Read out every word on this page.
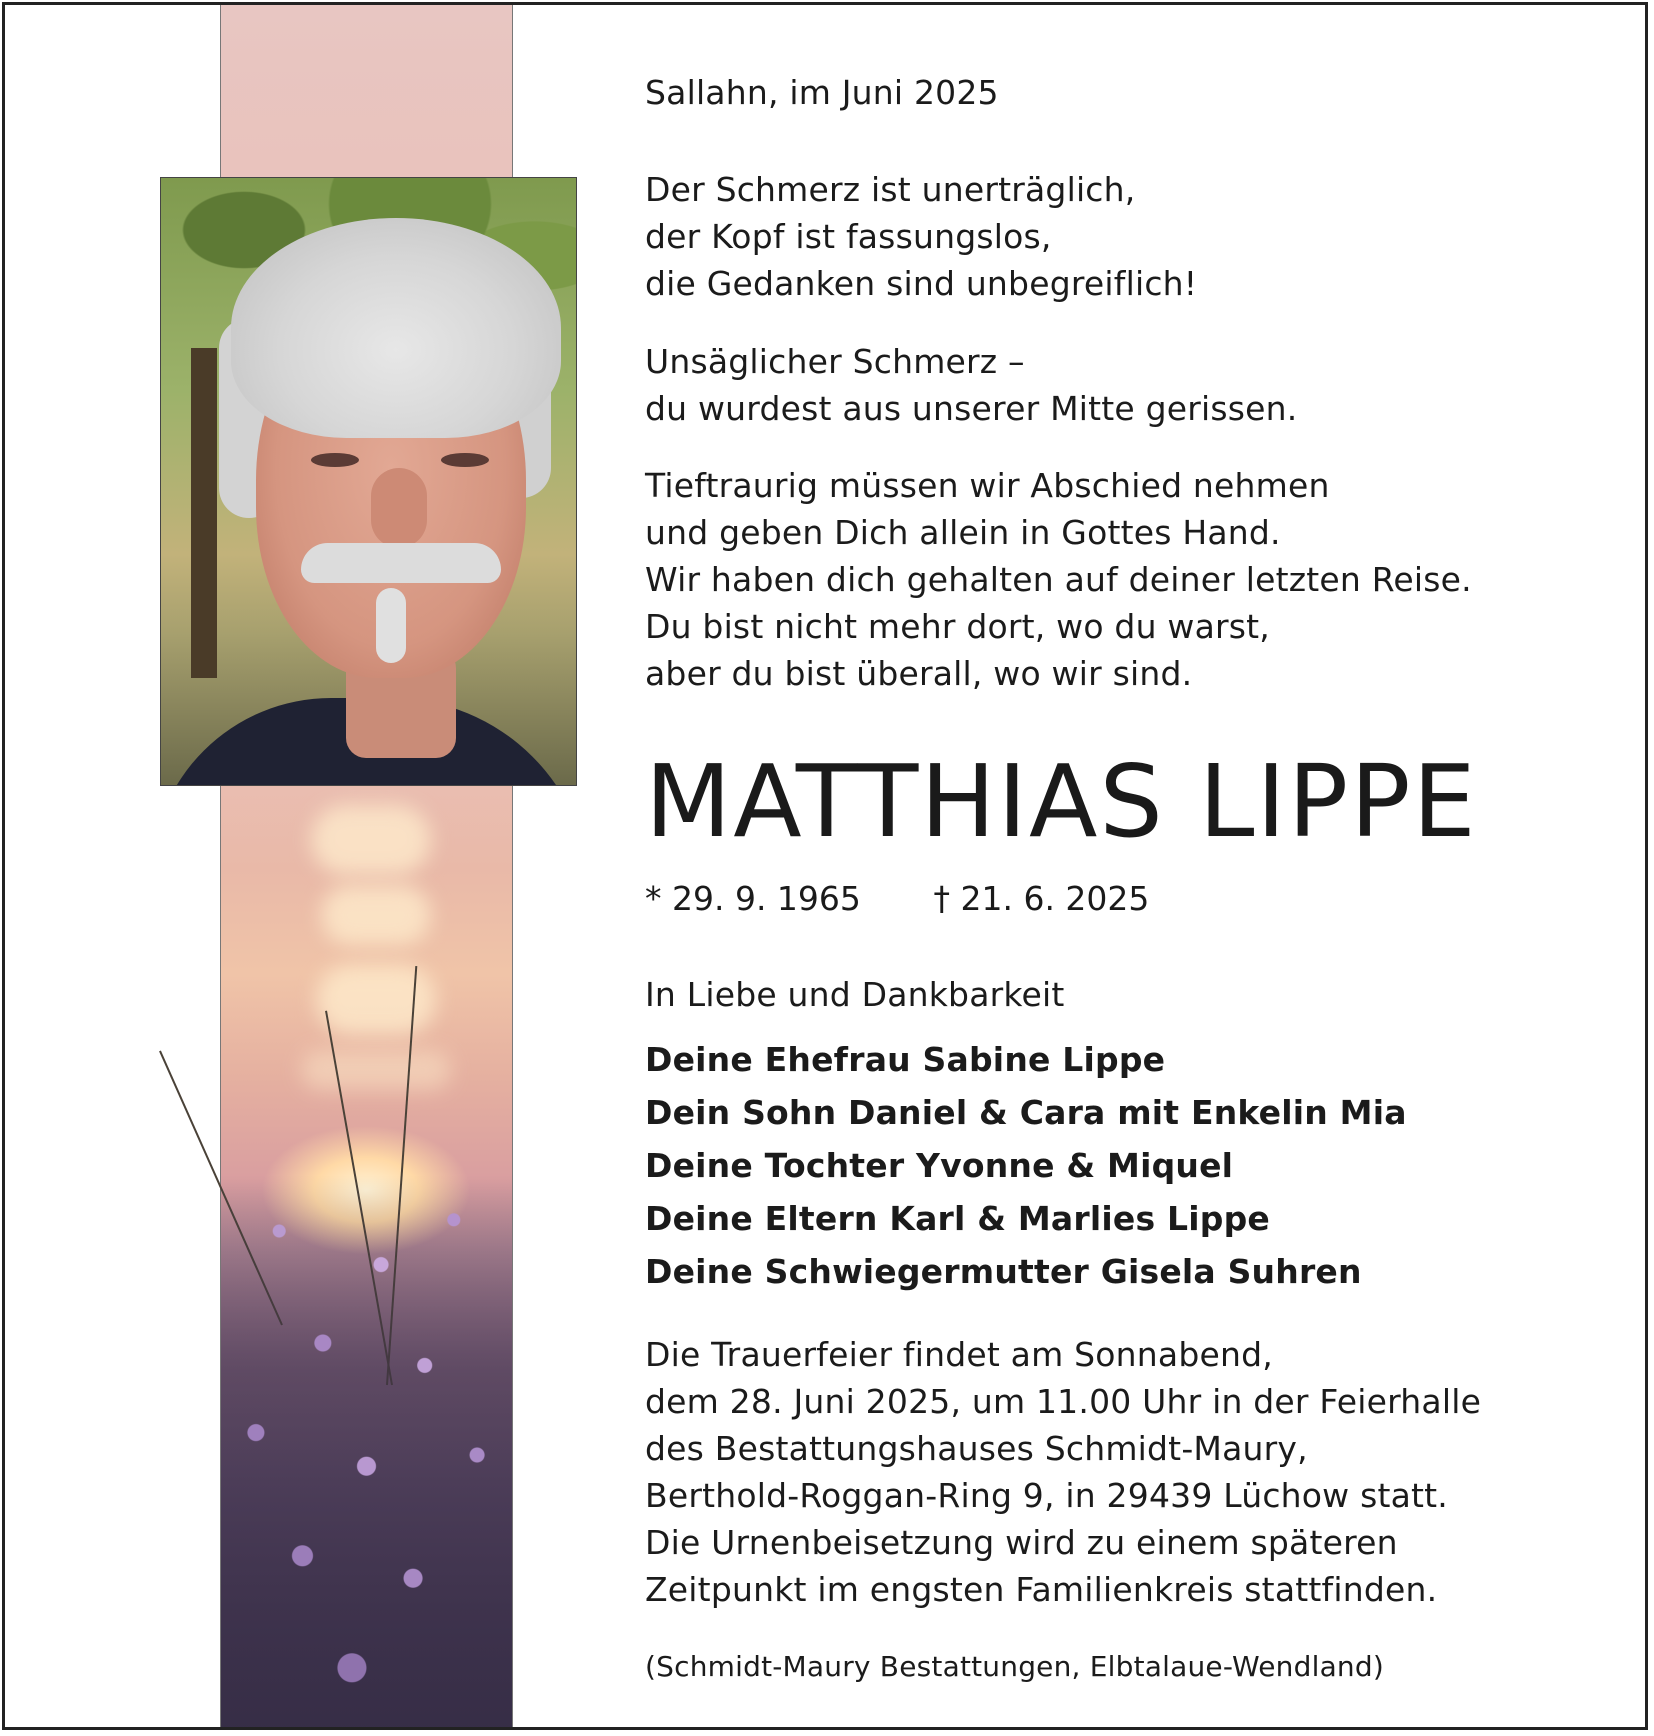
Sallahn, im Juni 2025

Der Schmerz ist unerträglich,

der Kopf ist fassungslos,

die Gedanken sind unbegreiflich!

Unsäglicher Schmerz –

du wurdest aus unserer Mitte gerissen.

Tieftraurig müssen wir Abschied nehmen

und geben Dich allein in Gottes Hand.

Wir haben dich gehalten auf deiner letzten Reise.

Du bist nicht mehr dort, wo du warst,

aber du bist überall, wo wir sind.

MATTHIAS LIPPE
* 29. 9. 1965 † 21. 6. 2025

In Liebe und Dankbarkeit

Deine Ehefrau Sabine Lippe

Dein Sohn Daniel & Cara mit Enkelin Mia

Deine Tochter Yvonne & Miquel

Deine Eltern Karl & Marlies Lippe

Deine Schwiegermutter Gisela Suhren

Die Trauerfeier findet am Sonnabend,

dem 28. Juni 2025, um 11.00 Uhr in der Feierhalle

des Bestattungshauses Schmidt-Maury,

Berthold-Roggan-Ring 9, in 29439 Lüchow statt.

Die Urnenbeisetzung wird zu einem späteren

Zeitpunkt im engsten Familienkreis stattfinden.

(Schmidt-Maury Bestattungen, Elbtalaue-Wendland)
